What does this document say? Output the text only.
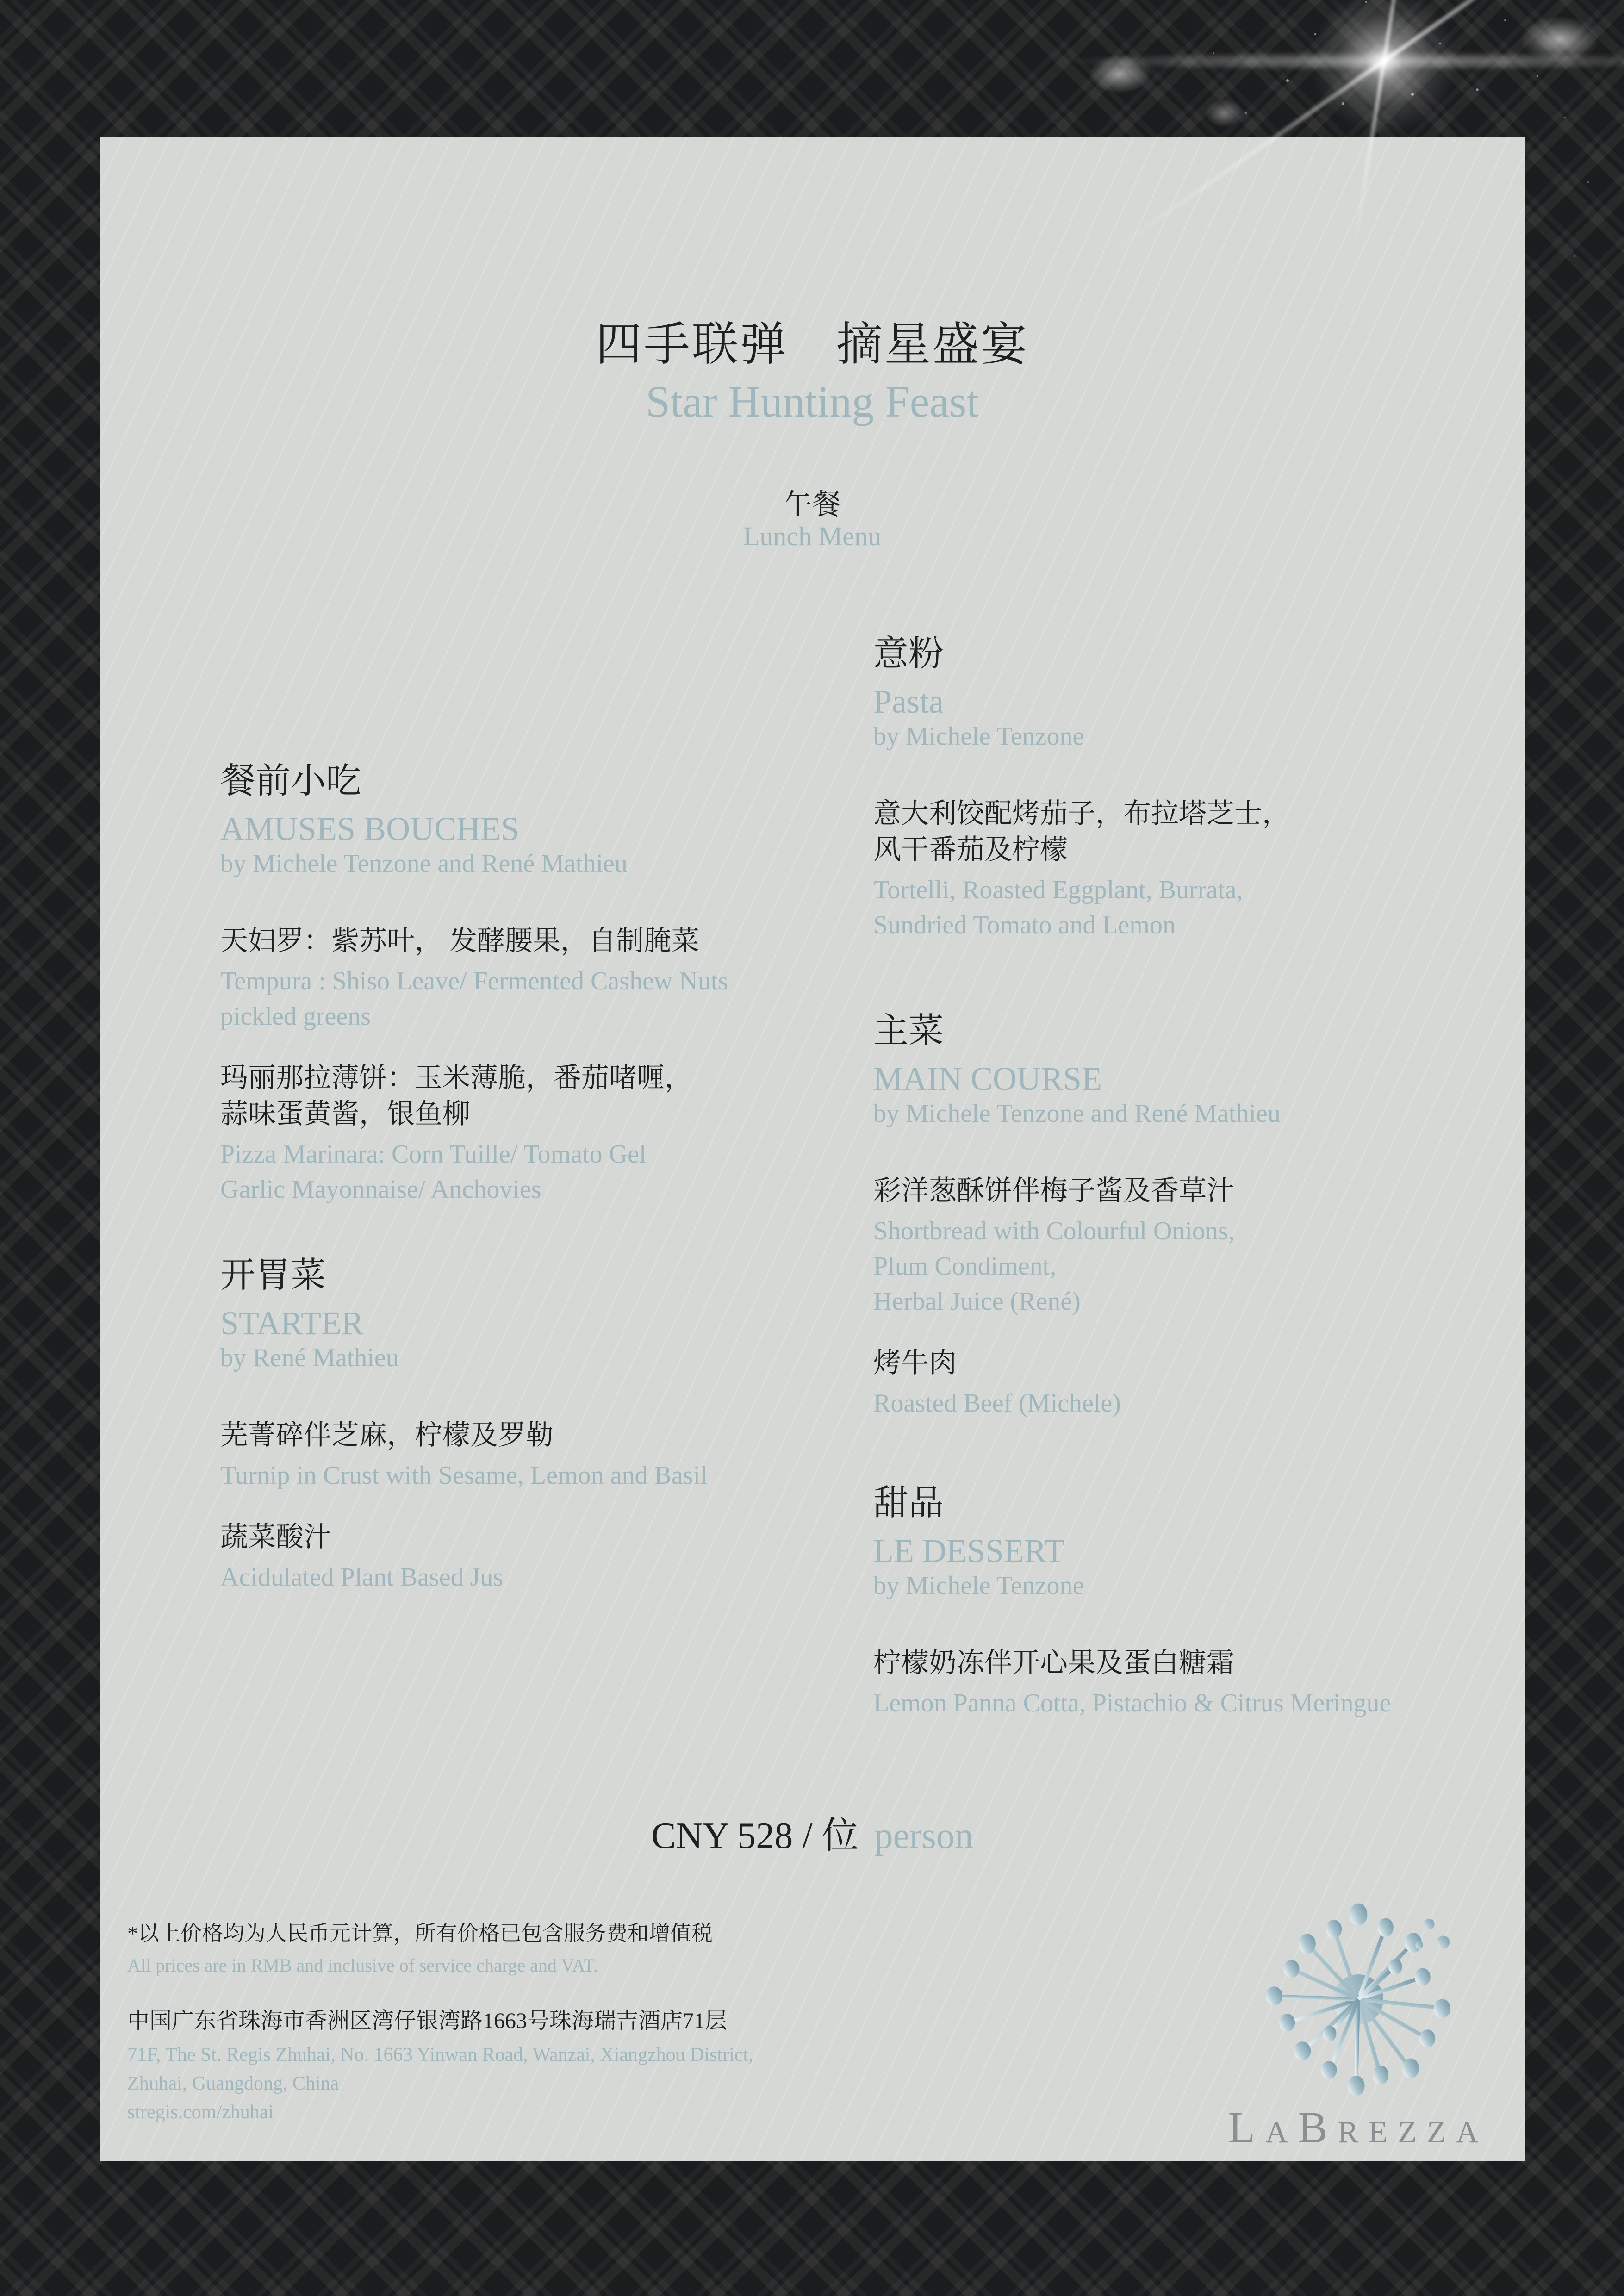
四手联弹　摘星盛宴
Star Hunting Feast
午餐
Lunch Menu
餐前小吃
AMUSES BOUCHES
by Michele Tenzone and René Mathieu
天妇罗：紫苏叶， 发酵腰果，自制腌菜
Tempura : Shiso Leave/ Fermented Cashew Nuts
pickled greens
玛丽那拉薄饼：玉米薄脆，番茄啫喱，
蒜味蛋黄酱，银鱼柳
Pizza Marinara: Corn Tuille/ Tomato Gel
Garlic Mayonnaise/ Anchovies
开胃菜
STARTER
by René Mathieu
芜菁碎伴芝麻，柠檬及罗勒
Turnip in Crust with Sesame, Lemon and Basil
蔬菜酸汁
Acidulated Plant Based Jus
意粉
Pasta
by Michele Tenzone
意大利饺配烤茄子，布拉塔芝士，
风干番茄及柠檬
Tortelli, Roasted Eggplant, Burrata,
Sundried Tomato and Lemon
主菜
MAIN COURSE
by Michele Tenzone and René Mathieu
彩洋葱酥饼伴梅子酱及香草汁
Shortbread with Colourful Onions,
Plum Condiment,
Herbal Juice (René)
烤牛肉
Roasted Beef (Michele)
甜品
LE DESSERT
by Michele Tenzone
柠檬奶冻伴开心果及蛋白糖霜
Lemon Panna Cotta, Pistachio & Citrus Meringue
CNY 528 / 位 person
*以上价格均为人民币元计算，所有价格已包含服务费和增值税
All prices are in RMB and inclusive of service charge and VAT.
中国广东省珠海市香洲区湾仔银湾路1663号珠海瑞吉酒店71层
71F, The St. Regis Zhuhai, No. 1663 Yinwan Road, Wanzai, Xiangzhou District,
Zhuhai, Guangdong, China
stregis.com/zhuhai	LaBrezza
